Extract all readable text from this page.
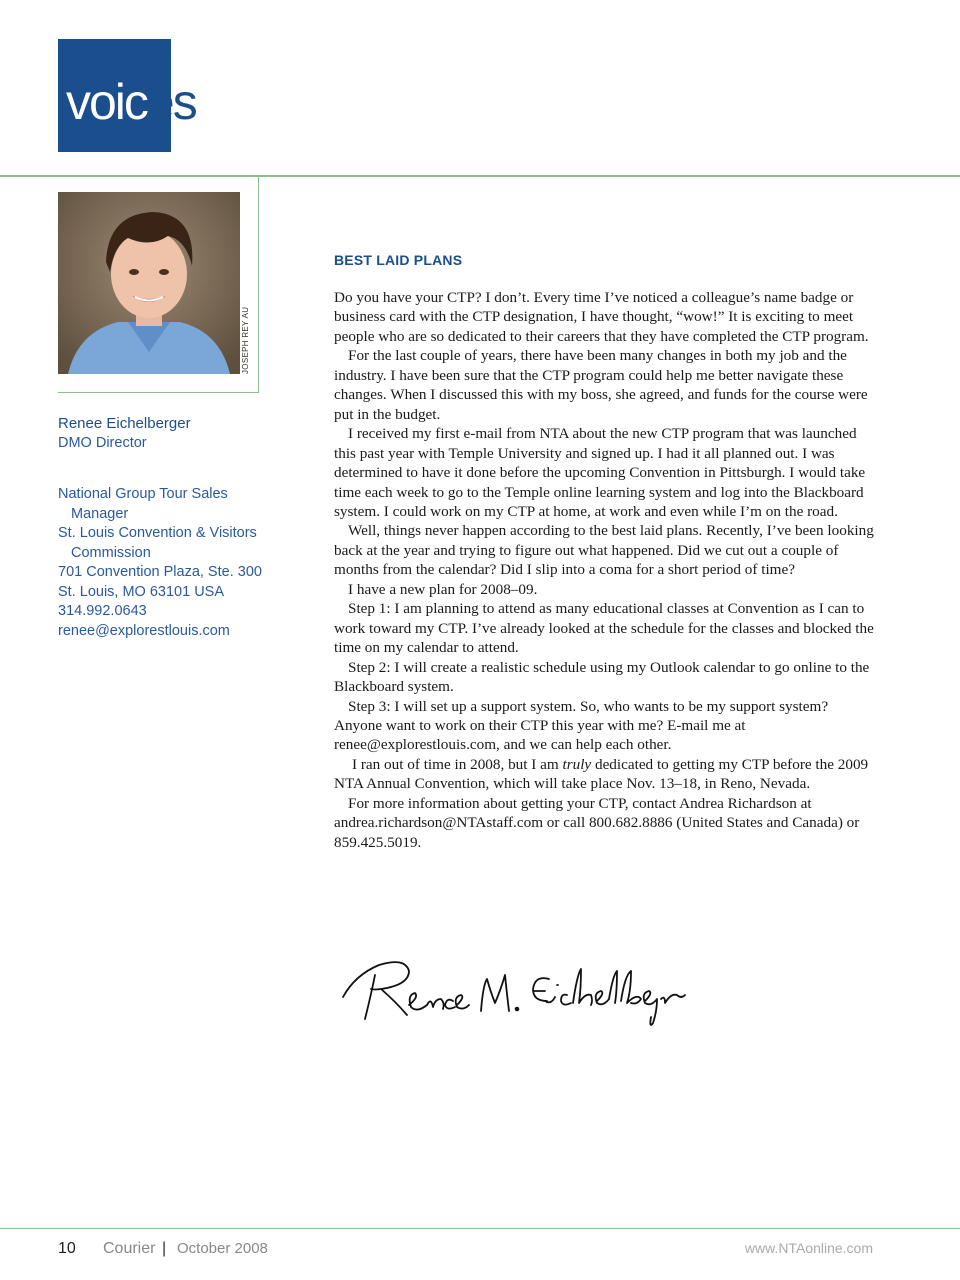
voices
JOSEPH REY AU
Renee Eichelberger
DMO Director
National Group Tour Sales
Manager
St. Louis Convention & Visitors
Commission
701 Convention Plaza, Ste. 300
St. Louis, MO 63101 USA
314.992.0643
renee@explorestlouis.com
BEST LAID PLANS

Do you have your CTP? I don’t. Every time I’ve noticed a colleague’s name badge or business card with the CTP designation, I have thought, “wow!” It is exciting to meet people who are so dedicated to their careers that they have completed the CTP program.

For the last couple of years, there have been many changes in both my job and the industry. I have been sure that the CTP program could help me better navigate these changes. When I discussed this with my boss, she agreed, and funds for the course were put in the budget.

I received my first e-mail from NTA about the new CTP program that was launched this past year with Temple University and signed up. I had it all planned out. I was determined to have it done before the upcoming Convention in Pittsburgh. I would take time each week to go to the Temple online learning system and log into the Blackboard system. I could work on my CTP at home, at work and even while I’m on the road.

Well, things never happen according to the best laid plans. Recently, I’ve been looking back at the year and trying to figure out what happened. Did we cut out a couple of months from the calendar? Did I slip into a coma for a short period of time?

I have a new plan for 2008–09.

Step 1: I am planning to attend as many educational classes at Convention as I can to work toward my CTP. I’ve already looked at the schedule for the classes and blocked the time on my calendar to attend.

Step 2: I will create a realistic schedule using my Outlook calendar to go online to the Blackboard system.

Step 3: I will set up a support system. So, who wants to be my support system? Anyone want to work on their CTP this year with me? E-mail me at renee@explorestlouis.com, and we can help each other.

I ran out of time in 2008, but I am truly dedicated to getting my CTP before the 2009 NTA Annual Convention, which will take place Nov. 13–18, in Reno, Nevada.

For more information about getting your CTP, contact Andrea Richardson at andrea.richardson@NTAstaff.com or call 800.682.8886 (United States and Canada) or 859.425.5019.

10 Courier | October 2008	www.NTAonline.com
